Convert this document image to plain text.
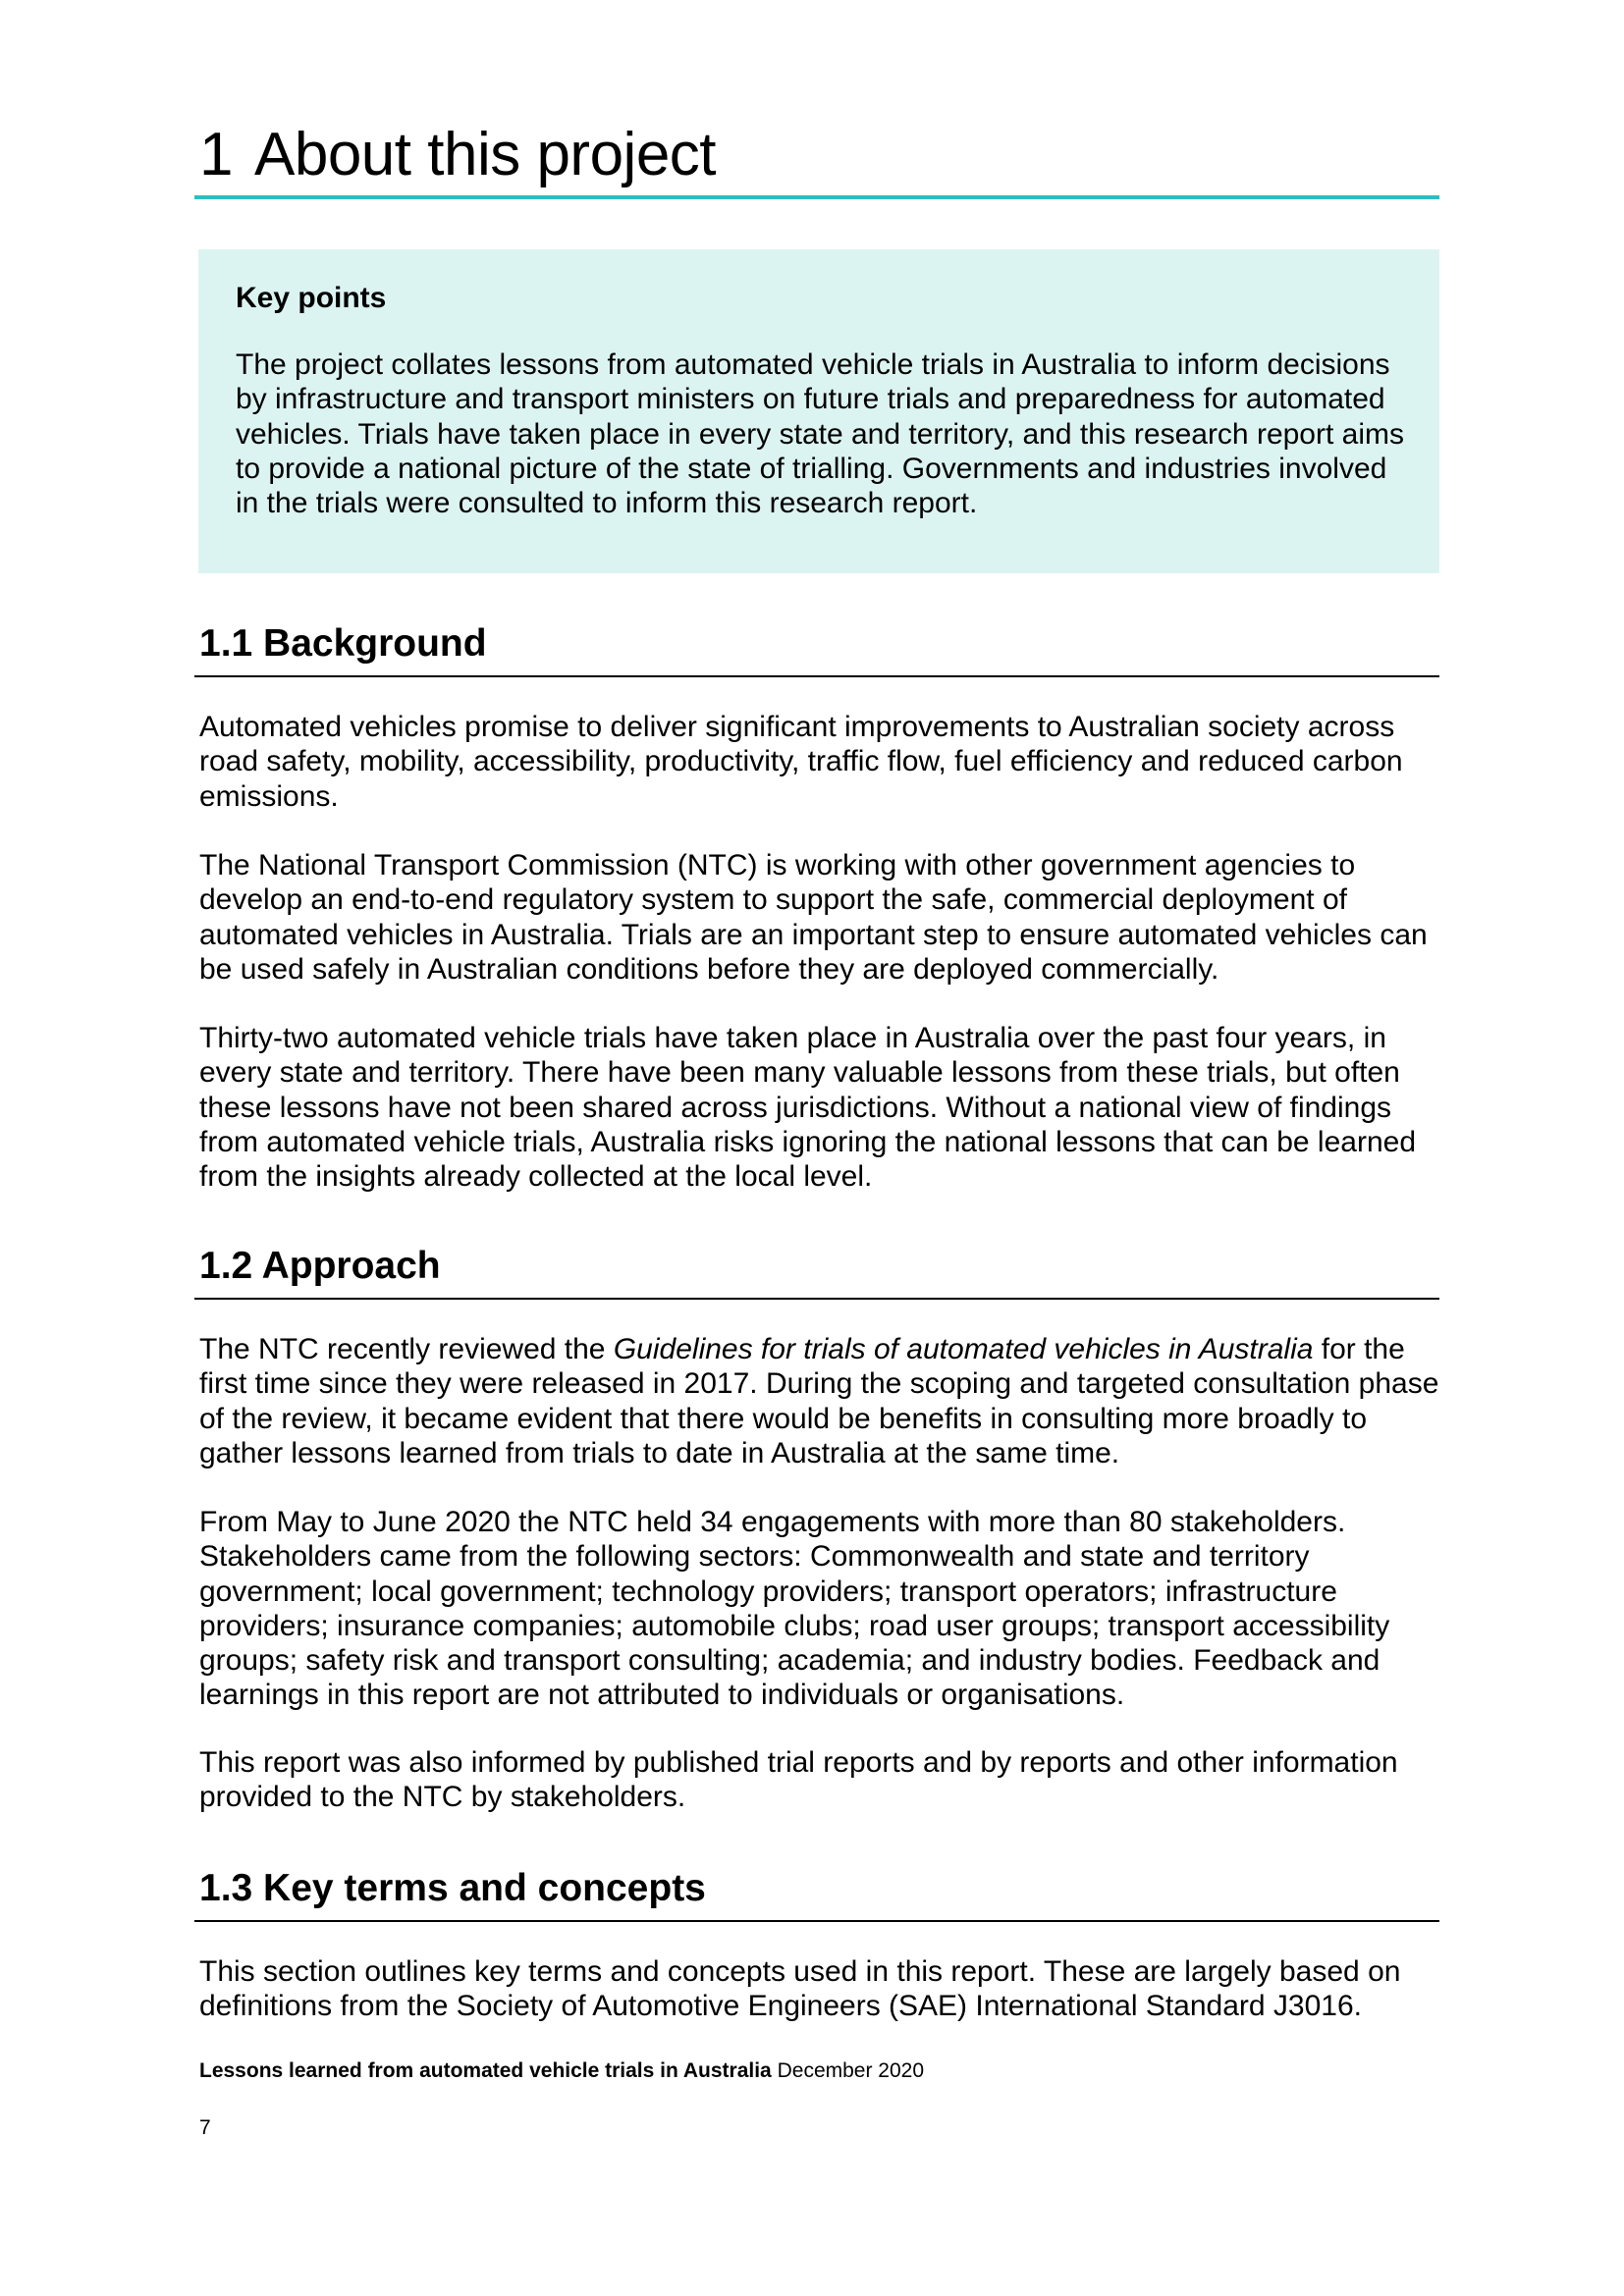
1 About this project

Key points

The project collates lessons from automated vehicle trials in Australia to inform decisions by infrastructure and transport ministers on future trials and preparedness for automated vehicles. Trials have taken place in every state and territory, and this research report aims to provide a national picture of the state of trialling. Governments and industries involved in the trials were consulted to inform this research report.

1.1 Background

Automated vehicles promise to deliver significant improvements to Australian society across road safety, mobility, accessibility, productivity, traffic flow, fuel efficiency and reduced carbon emissions.

The National Transport Commission (NTC) is working with other government agencies to develop an end-to-end regulatory system to support the safe, commercial deployment of automated vehicles in Australia. Trials are an important step to ensure automated vehicles can be used safely in Australian conditions before they are deployed commercially.

Thirty-two automated vehicle trials have taken place in Australia over the past four years, in every state and territory. There have been many valuable lessons from these trials, but often these lessons have not been shared across jurisdictions. Without a national view of findings from automated vehicle trials, Australia risks ignoring the national lessons that can be learned from the insights already collected at the local level.

1.2 Approach

The NTC recently reviewed the Guidelines for trials of automated vehicles in Australia for the first time since they were released in 2017. During the scoping and targeted consultation phase of the review, it became evident that there would be benefits in consulting more broadly to gather lessons learned from trials to date in Australia at the same time.

From May to June 2020 the NTC held 34 engagements with more than 80 stakeholders. Stakeholders came from the following sectors: Commonwealth and state and territory government; local government; technology providers; transport operators; infrastructure providers; insurance companies; automobile clubs; road user groups; transport accessibility groups; safety risk and transport consulting; academia; and industry bodies. Feedback and learnings in this report are not attributed to individuals or organisations.

This report was also informed by published trial reports and by reports and other information provided to the NTC by stakeholders.

1.3 Key terms and concepts

This section outlines key terms and concepts used in this report. These are largely based on definitions from the Society of Automotive Engineers (SAE) International Standard J3016.

Lessons learned from automated vehicle trials in Australia December 2020

7
